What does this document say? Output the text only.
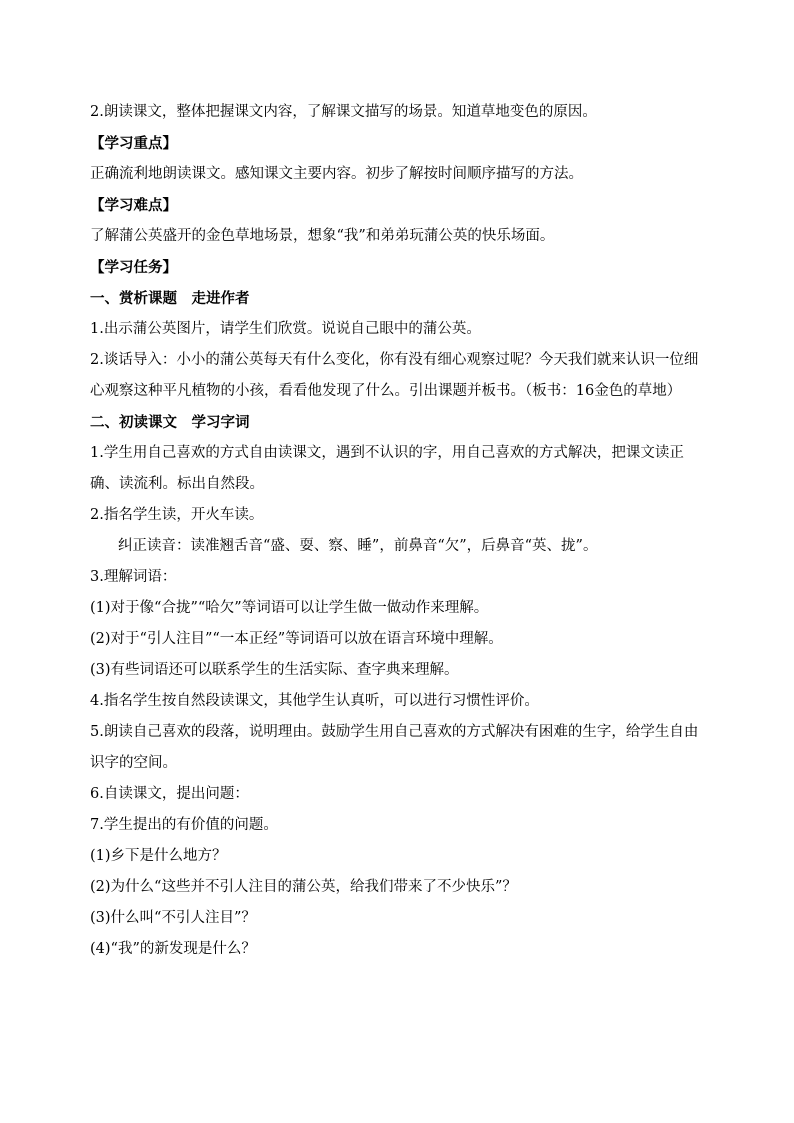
2.朗读课文，整体把握课文内容，了解课文描写的场景。知道草地变色的原因。
【学习重点】
正确流利地朗读课文。感知课文主要内容。初步了解按时间顺序描写的方法。
【学习难点】
了解蒲公英盛开的金色草地场景，想象“我”和弟弟玩蒲公英的快乐场面。
【学习任务】
一、赏析课题　走进作者
1.出示蒲公英图片，请学生们欣赏。说说自己眼中的蒲公英。
2.谈话导入：小小的蒲公英每天有什么变化，你有没有细心观察过呢？今天我们就来认识一位细心观察这种平凡植物的小孩，看看他发现了什么。引出课题并板书。（板书：16金色的草地）
二、初读课文　学习字词
1.学生用自己喜欢的方式自由读课文，遇到不认识的字，用自己喜欢的方式解决，把课文读正确、读流利。标出自然段。
2.指名学生读，开火车读。
纠正读音：读准翘舌音“盛、耍、察、睡”，前鼻音“欠”，后鼻音“英、拢”。
3.理解词语：
(1)对于像“合拢”“哈欠”等词语可以让学生做一做动作来理解。
(2)对于“引人注目”“一本正经”等词语可以放在语言环境中理解。
(3)有些词语还可以联系学生的生活实际、查字典来理解。
4.指名学生按自然段读课文，其他学生认真听，可以进行习惯性评价。
5.朗读自己喜欢的段落，说明理由。鼓励学生用自己喜欢的方式解决有困难的生字，给学生自由识字的空间。
6.自读课文，提出问题：
7.学生提出的有价值的问题。
(1)乡下是什么地方？
(2)为什么“这些并不引人注目的蒲公英，给我们带来了不少快乐”？
(3)什么叫“不引人注目”？
(4)“我”的新发现是什么？
